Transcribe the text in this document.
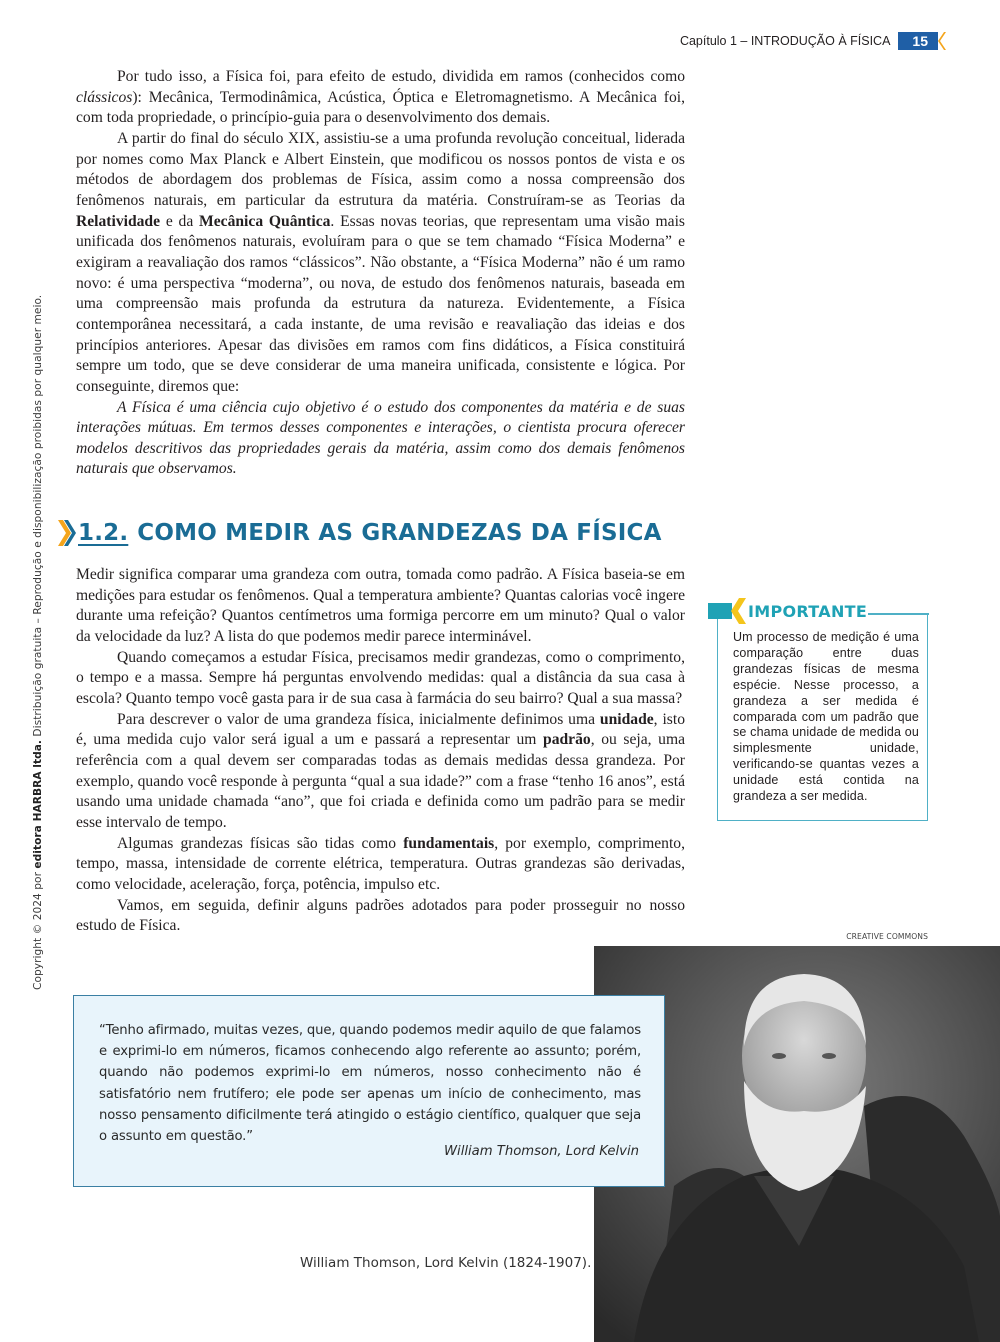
Capítulo 1 – INTRODUÇÃO À FÍSICA	15
Copyright © 2024 por editora HARBRA ltda. Distribuição gratuita – Reprodução e disponibilização proibidas por qualquer meio.

Por tudo isso, a Física foi, para efeito de estudo, dividida em ramos (conhecidos como clássicos): Mecânica, Termodinâmica, Acústica, Óptica e Eletromagnetismo. A Mecânica foi, com toda propriedade, o princípio-guia para o desenvolvimento dos demais.

A partir do final do século XIX, assistiu-se a uma profunda revolução conceitual, liderada por nomes como Max Planck e Albert Einstein, que modificou os nossos pontos de vista e os métodos de abordagem dos problemas de Física, assim como a nossa compreensão dos fenômenos naturais, em particular da estrutura da matéria. Construíram-se as Teorias da Relatividade e da Mecânica Quântica. Essas novas teorias, que representam uma visão mais unificada dos fenômenos naturais, evoluíram para o que se tem chamado “Física Moderna” e exigiram a reavaliação dos ramos “clássicos”. Não obstante, a “Física Moderna” não é um ramo novo: é uma perspectiva “moderna”, ou nova, de estudo dos fenômenos naturais, baseada em uma compreensão mais profunda da estrutura da natureza. Evidentemente, a Física contemporânea necessitará, a cada instante, de uma revisão e reavaliação das ideias e dos princípios anteriores. Apesar das divisões em ramos com fins didáticos, a Física constituirá sempre um todo, que se deve considerar de uma maneira unificada, consistente e lógica. Por conseguinte, diremos que:

A Física é uma ciência cujo objetivo é o estudo dos componentes da matéria e de suas interações mútuas. Em termos desses componentes e interações, o cientista procura oferecer modelos descritivos das propriedades gerais da matéria, assim como dos demais fenômenos naturais que observamos.

1.2. COMO MEDIR AS GRANDEZAS DA FÍSICA

Medir significa comparar uma grandeza com outra, tomada como padrão. A Física baseia-se em medições para estudar os fenômenos. Qual a temperatura ambiente? Quantas calorias você ingere durante uma refeição? Quantos centímetros uma formiga percorre em um minuto? Qual o valor da velocidade da luz? A lista do que podemos medir parece interminável.

Quando começamos a estudar Física, precisamos medir grandezas, como o comprimento, o tempo e a massa. Sempre há perguntas envolvendo medidas: qual a distância da sua casa à escola? Quanto tempo você gasta para ir de sua casa à farmácia do seu bairro? Qual a sua massa?

Para descrever o valor de uma grandeza física, inicialmente definimos uma unidade, isto é, uma medida cujo valor será igual a um e passará a representar um padrão, ou seja, uma referência com a qual devem ser comparadas todas as demais medidas dessa grandeza. Por exemplo, quando você responde à pergunta “qual a sua idade?” com a frase “tenho 16 anos”, está usando uma unidade chamada “ano”, que foi criada e definida como um padrão para se medir esse intervalo de tempo.

Algumas grandezas físicas são tidas como fundamentais, por exemplo, comprimento, tempo, massa, intensidade de corrente elétrica, temperatura. Outras grandezas são derivadas, como velocidade, aceleração, força, potência, impulso etc.

Vamos, em seguida, definir alguns padrões adotados para poder prosseguir no nosso estudo de Física.

Um processo de medição é uma comparação entre duas grandezas físicas de mesma espécie. Nesse processo, a grandeza a ser medida é comparada com um padrão que se chama unidade de medida ou simplesmente unidade, verificando-se quantas vezes a unidade está contida na grandeza a ser medida.
IMPORTANTE
CREATIVE COMMONS
“Tenho afirmado, muitas vezes, que, quando podemos medir aquilo de que falamos e exprimi-lo em números, ficamos conhecendo algo referente ao assunto; porém, quando não podemos exprimi-lo em números, nosso conhecimento não é satisfatório nem frutífero; ele pode ser apenas um início de conhecimento, mas nosso pensamento dificilmente terá atingido o estágio científico, qualquer que seja o assunto em questão.”
William Thomson, Lord Kelvin
William Thomson, Lord Kelvin (1824-1907).
